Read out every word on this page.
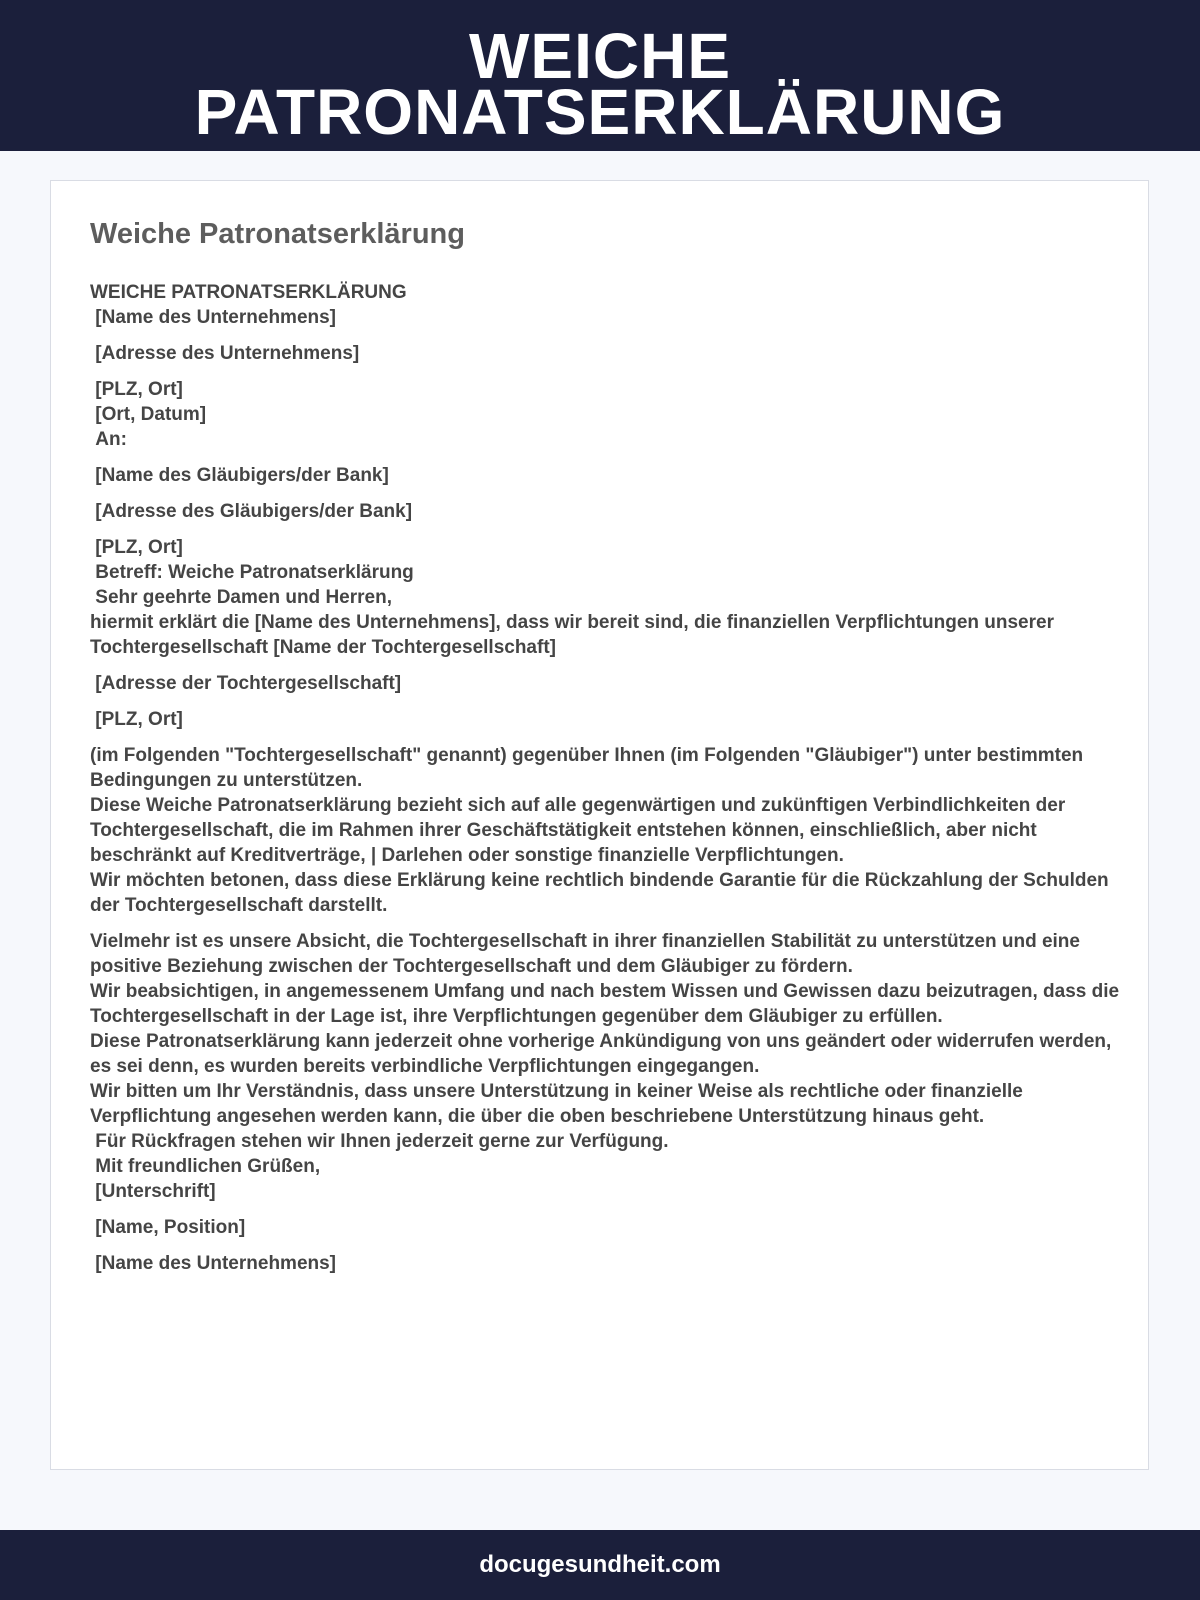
WEICHE
PATRONATSERKLÄRUNG
Weiche Patronatserklärung

WEICHE PATRONATSERKLÄRUNG

[Name des Unternehmens]

[Adresse des Unternehmens]

[PLZ, Ort]

[Ort, Datum]

An:

[Name des Gläubigers/der Bank]

[Adresse des Gläubigers/der Bank]

[PLZ, Ort]

Betreff: Weiche Patronatserklärung

Sehr geehrte Damen und Herren,

hiermit erklärt die [Name des Unternehmens], dass wir bereit sind, die finanziellen Verpflichtungen unserer Tochtergesellschaft [Name der Tochtergesellschaft]

[Adresse der Tochtergesellschaft]

[PLZ, Ort]

(im Folgenden "Tochtergesellschaft" genannt) gegenüber Ihnen (im Folgenden "Gläubiger") unter bestimmten Bedingungen zu unterstützen.

Diese Weiche Patronatserklärung bezieht sich auf alle gegenwärtigen und zukünftigen Verbindlichkeiten der Tochtergesellschaft, die im Rahmen ihrer Geschäftstätigkeit entstehen können, einschließlich, aber nicht beschränkt auf Kreditverträge, | Darlehen oder sonstige finanzielle Verpflichtungen.

Wir möchten betonen, dass diese Erklärung keine rechtlich bindende Garantie für die Rückzahlung der Schulden der Tochtergesellschaft darstellt.

Vielmehr ist es unsere Absicht, die Tochtergesellschaft in ihrer finanziellen Stabilität zu unterstützen und eine positive Beziehung zwischen der Tochtergesellschaft und dem Gläubiger zu fördern.

Wir beabsichtigen, in angemessenem Umfang und nach bestem Wissen und Gewissen dazu beizutragen, dass die Tochtergesellschaft in der Lage ist, ihre Verpflichtungen gegenüber dem Gläubiger zu erfüllen.

Diese Patronatserklärung kann jederzeit ohne vorherige Ankündigung von uns geändert oder widerrufen werden, es sei denn, es wurden bereits verbindliche Verpflichtungen eingegangen.

Wir bitten um Ihr Verständnis, dass unsere Unterstützung in keiner Weise als rechtliche oder finanzielle Verpflichtung angesehen werden kann, die über die oben beschriebene Unterstützung hinaus geht.

Für Rückfragen stehen wir Ihnen jederzeit gerne zur Verfügung.

Mit freundlichen Grüßen,

[Unterschrift]

[Name, Position]

[Name des Unternehmens]

docugesundheit.com
